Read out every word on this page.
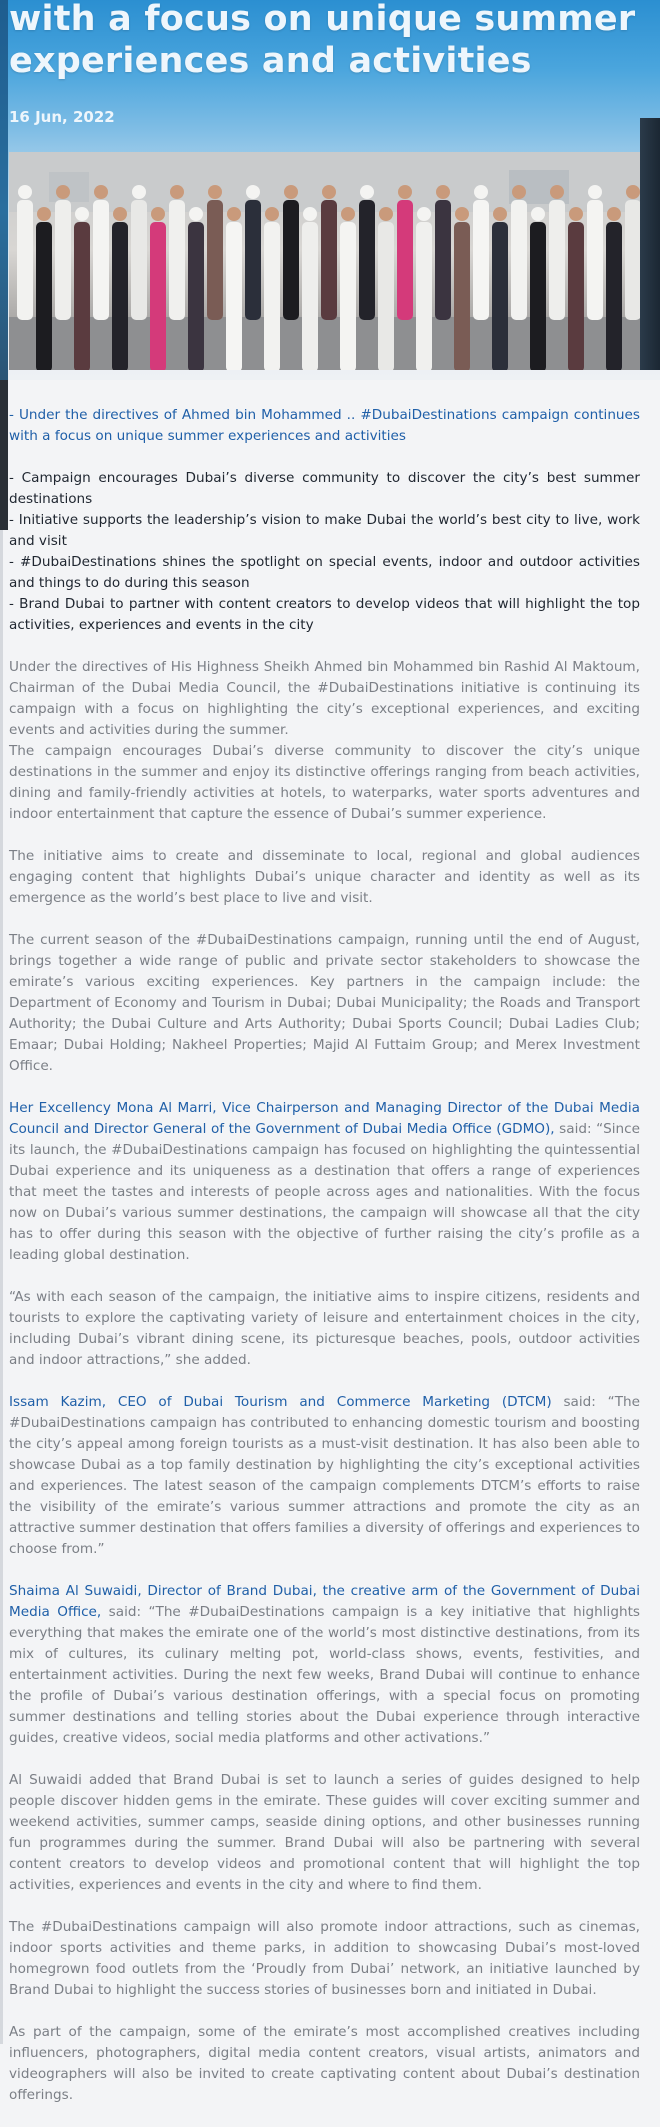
with a focus on unique summer experiences and activities
16 Jun, 2022

- Under the directives of Ahmed bin Mohammed .. #DubaiDestinations campaign continues with a focus on unique summer experiences and activities

- Campaign encourages Dubai’s diverse community to discover the city’s best summer destinations
- Initiative supports the leadership’s vision to make Dubai the world’s best city to live, work and visit
- #DubaiDestinations shines the spotlight on special events, indoor and outdoor activities and things to do during this season
- Brand Dubai to partner with content creators to develop videos that will highlight the top activities, experiences and events in the city

Under the directives of His Highness Sheikh Ahmed bin Mohammed bin Rashid Al Maktoum, Chairman of the Dubai Media Council, the #DubaiDestinations initiative is continuing its campaign with a focus on highlighting the city’s exceptional experiences, and exciting events and activities during the summer.
The campaign encourages Dubai’s diverse community to discover the city’s unique destinations in the summer and enjoy its distinctive offerings ranging from beach activities, dining and family-friendly activities at hotels, to waterparks, water sports adventures and indoor entertainment that capture the essence of Dubai’s summer experience.

The initiative aims to create and disseminate to local, regional and global audiences engaging content that highlights Dubai’s unique character and identity as well as its emergence as the world’s best place to live and visit.

The current season of the #DubaiDestinations campaign, running until the end of August, brings together a wide range of public and private sector stakeholders to showcase the emirate’s various exciting experiences. Key partners in the campaign include: the Department of Economy and Tourism in Dubai; Dubai Municipality; the Roads and Transport Authority; the Dubai Culture and Arts Authority; Dubai Sports Council; Dubai Ladies Club; Emaar; Dubai Holding; Nakheel Properties; Majid Al Futtaim Group; and Merex Investment Office.

Her Excellency Mona Al Marri, Vice Chairperson and Managing Director of the Dubai Media Council and Director General of the Government of Dubai Media Office (GDMO), said: “Since its launch, the #DubaiDestinations campaign has focused on highlighting the quintessential Dubai experience and its uniqueness as a destination that offers a range of experiences that meet the tastes and interests of people across ages and nationalities. With the focus now on Dubai’s various summer destinations, the campaign will showcase all that the city has to offer during this season with the objective of further raising the city’s profile as a leading global destination.

“As with each season of the campaign, the initiative aims to inspire citizens, residents and tourists to explore the captivating variety of leisure and entertainment choices in the city, including Dubai’s vibrant dining scene, its picturesque beaches, pools, outdoor activities and indoor attractions,” she added.

Issam Kazim, CEO of Dubai Tourism and Commerce Marketing (DTCM) said: “The #DubaiDestinations campaign has contributed to enhancing domestic tourism and boosting the city’s appeal among foreign tourists as a must-visit destination. It has also been able to showcase Dubai as a top family destination by highlighting the city’s exceptional activities and experiences. The latest season of the campaign complements DTCM’s efforts to raise the visibility of the emirate’s various summer attractions and promote the city as an attractive summer destination that offers families a diversity of offerings and experiences to choose from.”

Shaima Al Suwaidi, Director of Brand Dubai, the creative arm of the Government of Dubai Media Office, said: “The #DubaiDestinations campaign is a key initiative that highlights everything that makes the emirate one of the world’s most distinctive destinations, from its mix of cultures, its culinary melting pot, world-class shows, events, festivities, and entertainment activities. During the next few weeks, Brand Dubai will continue to enhance the profile of Dubai’s various destination offerings, with a special focus on promoting summer destinations and telling stories about the Dubai experience through interactive guides, creative videos, social media platforms and other activations.”

Al Suwaidi added that Brand Dubai is set to launch a series of guides designed to help people discover hidden gems in the emirate. These guides will cover exciting summer and weekend activities, summer camps, seaside dining options, and other businesses running fun programmes during the summer. Brand Dubai will also be partnering with several content creators to develop videos and promotional content that will highlight the top activities, experiences and events in the city and where to find them.

The #DubaiDestinations campaign will also promote indoor attractions, such as cinemas, indoor sports activities and theme parks, in addition to showcasing Dubai’s most-loved homegrown food outlets from the ‘Proudly from Dubai’ network, an initiative launched by Brand Dubai to highlight the success stories of businesses born and initiated in Dubai.

As part of the campaign, some of the emirate’s most accomplished creatives including influencers, photographers, digital media content creators, visual artists, animators and videographers will also be invited to create captivating content about Dubai’s destination offerings.
